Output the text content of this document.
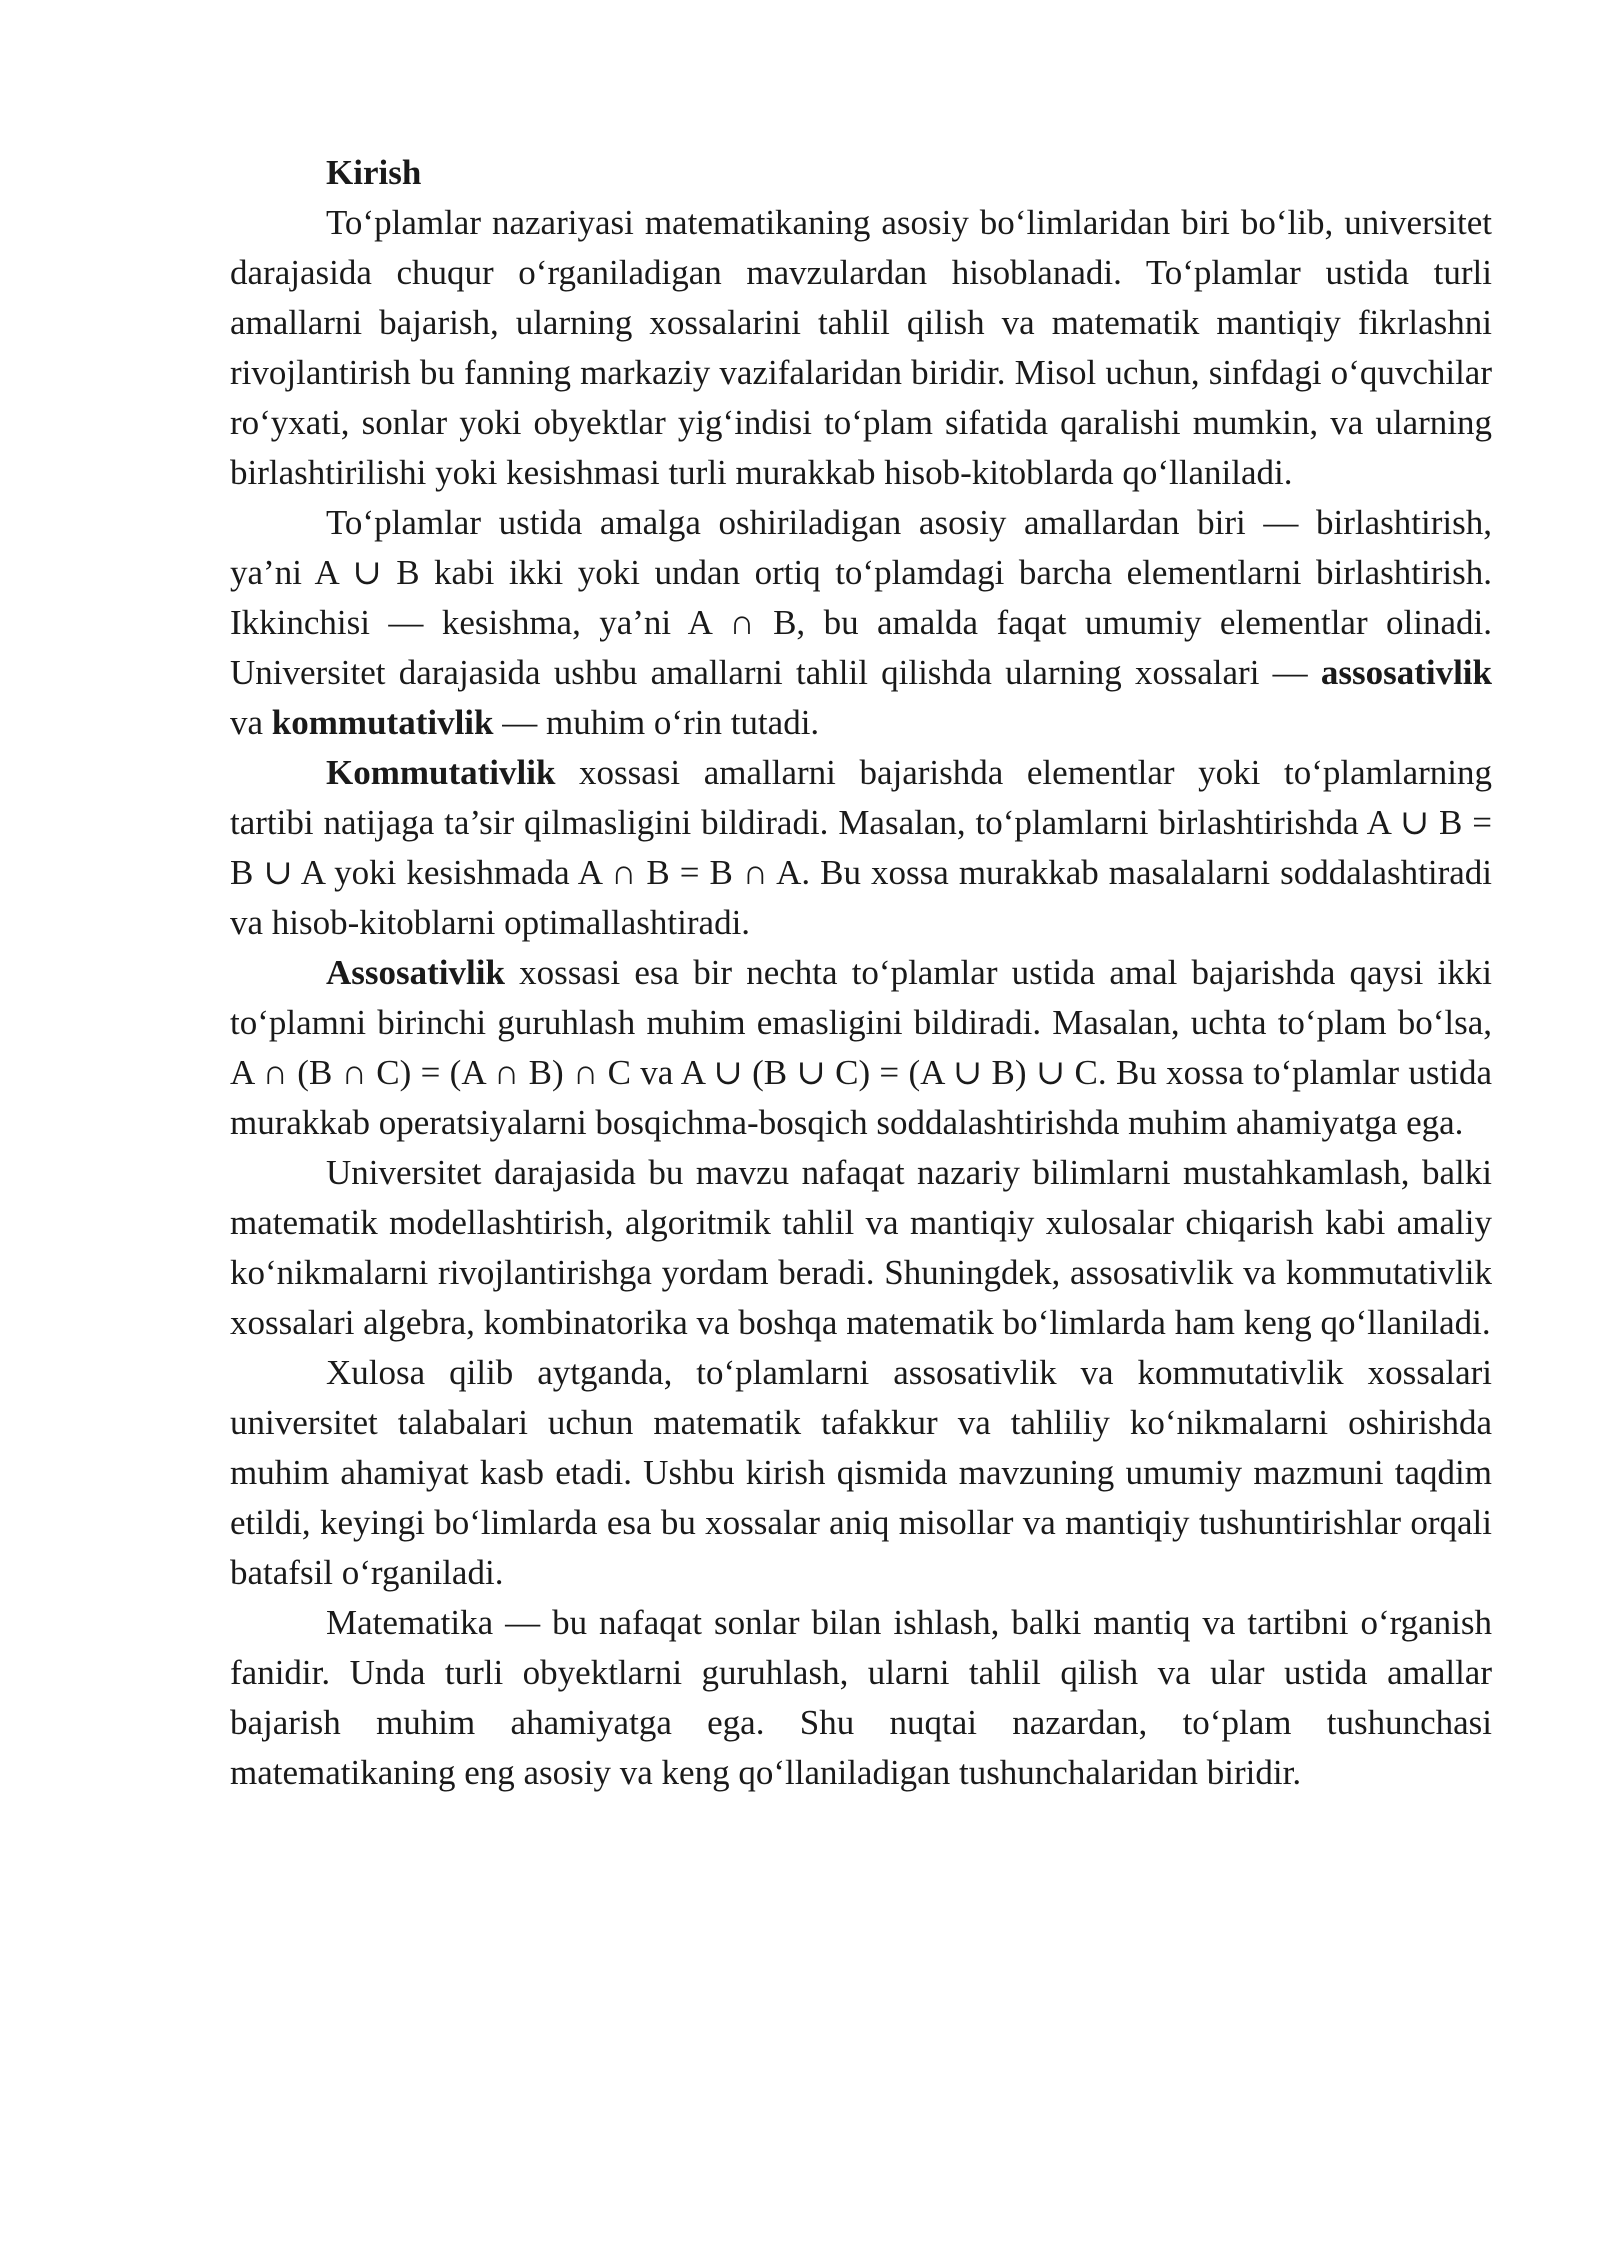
Kirish

To‘plamlar nazariyasi matematikaning asosiy bo‘limlaridan biri bo‘lib, universitet darajasida chuqur o‘rganiladigan mavzulardan hisoblanadi. To‘plamlar ustida turli amallarni bajarish, ularning xossalarini tahlil qilish va matematik mantiqiy fikrlashni rivojlantirish bu fanning markaziy vazifalaridan biridir. Misol uchun, sinfdagi o‘quvchilar ro‘yxati, sonlar yoki obyektlar yig‘indisi to‘plam sifatida qaralishi mumkin, va ularning birlashtirilishi yoki kesishmasi turli murakkab hisob-kitoblarda qo‘llaniladi.

To‘plamlar ustida amalga oshiriladigan asosiy amallardan biri — birlashtirish, ya’ni A ∪ B kabi ikki yoki undan ortiq to‘plamdagi barcha elementlarni birlashtirish. Ikkinchisi — kesishma, ya’ni A ∩ B, bu amalda faqat umumiy elementlar olinadi. Universitet darajasida ushbu amallarni tahlil qilishda ularning xossalari — assosativlik va kommutativlik — muhim o‘rin tutadi.

Kommutativlik xossasi amallarni bajarishda elementlar yoki to‘plamlarning tartibi natijaga ta’sir qilmasligini bildiradi. Masalan, to‘plamlarni birlashtirishda A ∪ B = B ∪ A yoki kesishmada A ∩ B = B ∩ A. Bu xossa murakkab masalalarni soddalashtiradi va hisob-kitoblarni optimallashtiradi.

Assosativlik xossasi esa bir nechta to‘plamlar ustida amal bajarishda qaysi ikki to‘plamni birinchi guruhlash muhim emasligini bildiradi. Masalan, uchta to‘plam bo‘lsa, A ∩ (B ∩ C) = (A ∩ B) ∩ C va A ∪ (B ∪ C) = (A ∪ B) ∪ C. Bu xossa to‘plamlar ustida murakkab operatsiyalarni bosqichma-bosqich soddalashtirishda muhim ahamiyatga ega.

Universitet darajasida bu mavzu nafaqat nazariy bilimlarni mustahkamlash, balki matematik modellashtirish, algoritmik tahlil va mantiqiy xulosalar chiqarish kabi amaliy ko‘nikmalarni rivojlantirishga yordam beradi. Shuningdek, assosativlik va kommutativlik xossalari algebra, kombinatorika va boshqa matematik bo‘limlarda ham keng qo‘llaniladi.

Xulosa qilib aytganda, to‘plamlarni assosativlik va kommutativlik xossalari universitet talabalari uchun matematik tafakkur va tahliliy ko‘nikmalarni oshirishda muhim ahamiyat kasb etadi. Ushbu kirish qismida mavzuning umumiy mazmuni taqdim etildi, keyingi bo‘limlarda esa bu xossalar aniq misollar va mantiqiy tushuntirishlar orqali batafsil o‘rganiladi.

Matematika — bu nafaqat sonlar bilan ishlash, balki mantiq va tartibni o‘rganish fanidir. Unda turli obyektlarni guruhlash, ularni tahlil qilish va ular ustida amallar bajarish muhim ahamiyatga ega. Shu nuqtai nazardan, to‘plam tushunchasi matematikaning eng asosiy va keng qo‘llaniladigan tushunchalaridan biridir.
